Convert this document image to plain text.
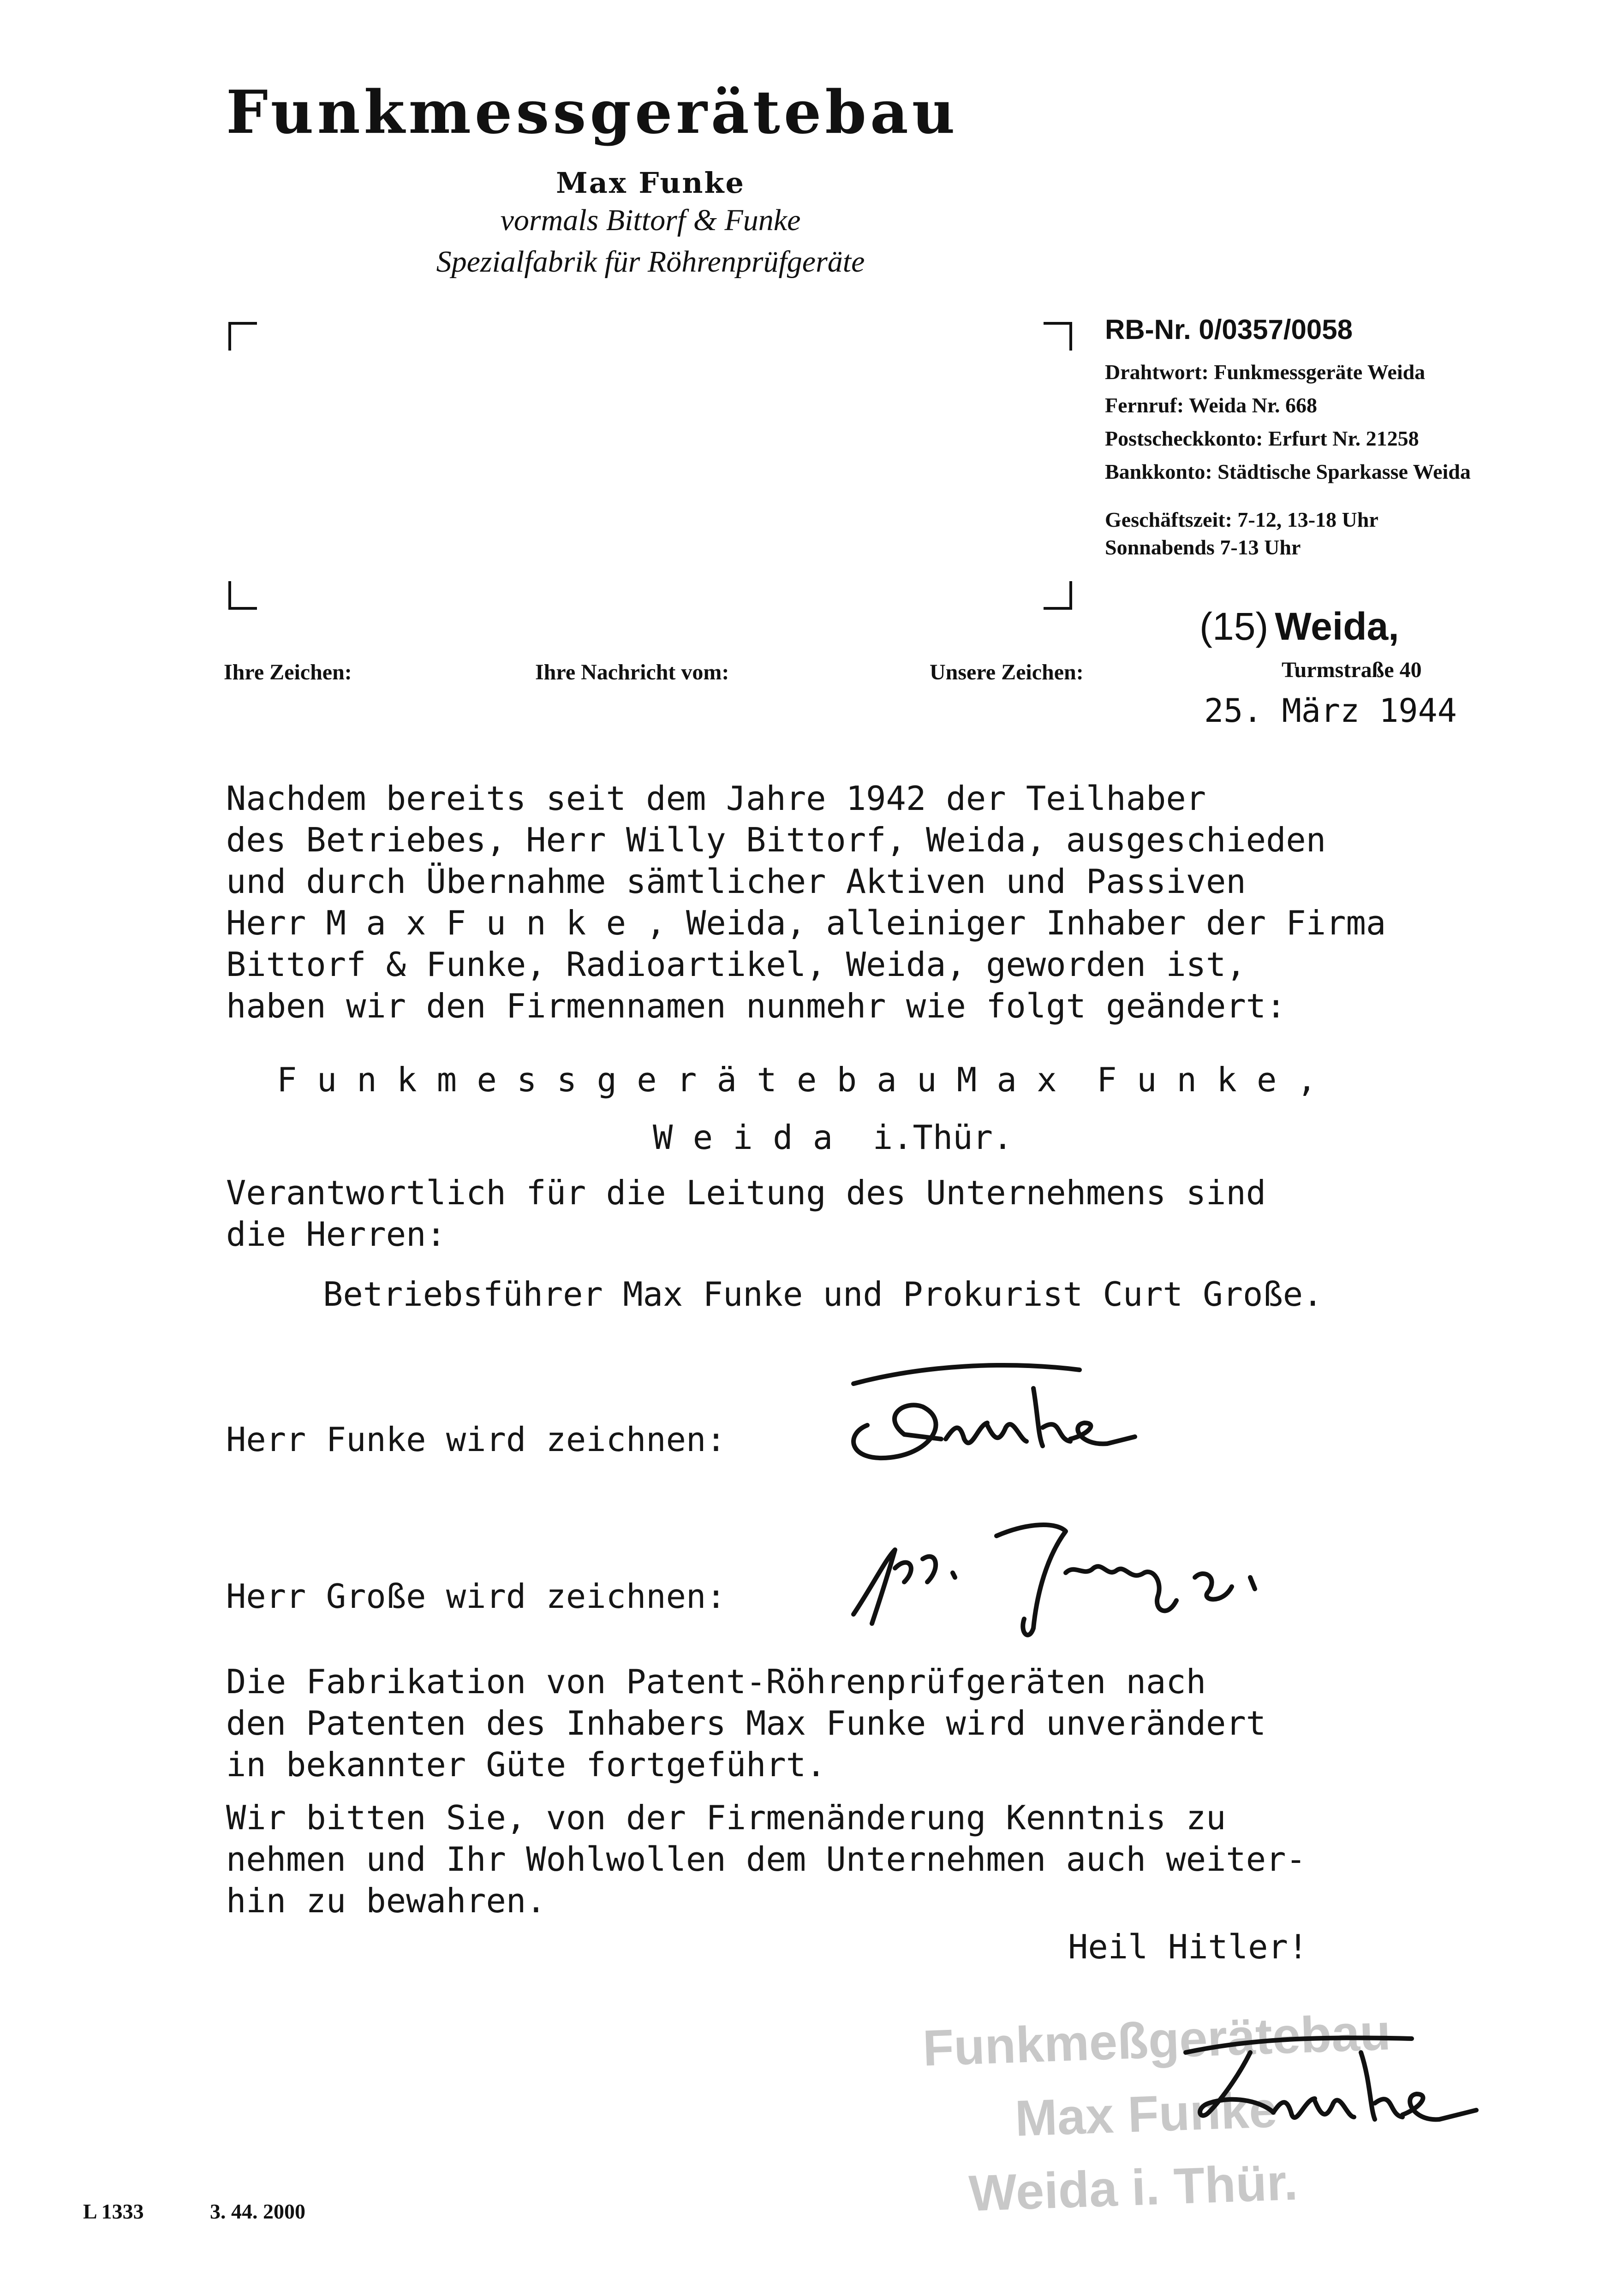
Funkmessgerätebau
Max Funke
vormals Bittorf & Funke
Spezialfabrik für Röhrenprüfgeräte
RB-Nr. 0/0357/0058
Drahtwort: Funkmessgeräte Weida
Fernruf: Weida Nr. 668
Postscheckkonto: Erfurt Nr. 21258
Bankkonto: Städtische Sparkasse Weida
Geschäftszeit: 7-12, 13-18 Uhr
Sonnabends 7-13 Uhr
(15) Weida,
Turmstraße 40
25. März 1944
Ihre Zeichen:	Ihre Nachricht vom:	Unsere Zeichen:
Nachdem bereits seit dem Jahre 1942 der Teilhaber
des Betriebes, Herr Willy Bittorf, Weida, ausgeschieden
und durch Übernahme sämtlicher Aktiven und Passiven
Herr M a x F u n k e , Weida, alleiniger Inhaber der Firma
Bittorf & Funke, Radioartikel, Weida, geworden ist,
haben wir den Firmennamen nunmehr wie folgt geändert:
F u n k m e s s g e r ä t e b a u M a x  F u n k e ,
W e i d a  i.Thür.
Verantwortlich für die Leitung des Unternehmens sind
die Herren:
Betriebsführer Max Funke und Prokurist Curt Große.
Herr Funke wird zeichnen:
Herr Große wird zeichnen:
Die Fabrikation von Patent-Röhrenprüfgeräten nach
den Patenten des Inhabers Max Funke wird unverändert
in bekannter Güte fortgeführt.
Wir bitten Sie, von der Firmenänderung Kenntnis zu
nehmen und Ihr Wohlwollen dem Unternehmen auch weiter-
hin zu bewahren.
Heil Hitler!
Funkmeßgerätebau
Max Funke
Weida i. Thür.
L 1333	3. 44. 2000
